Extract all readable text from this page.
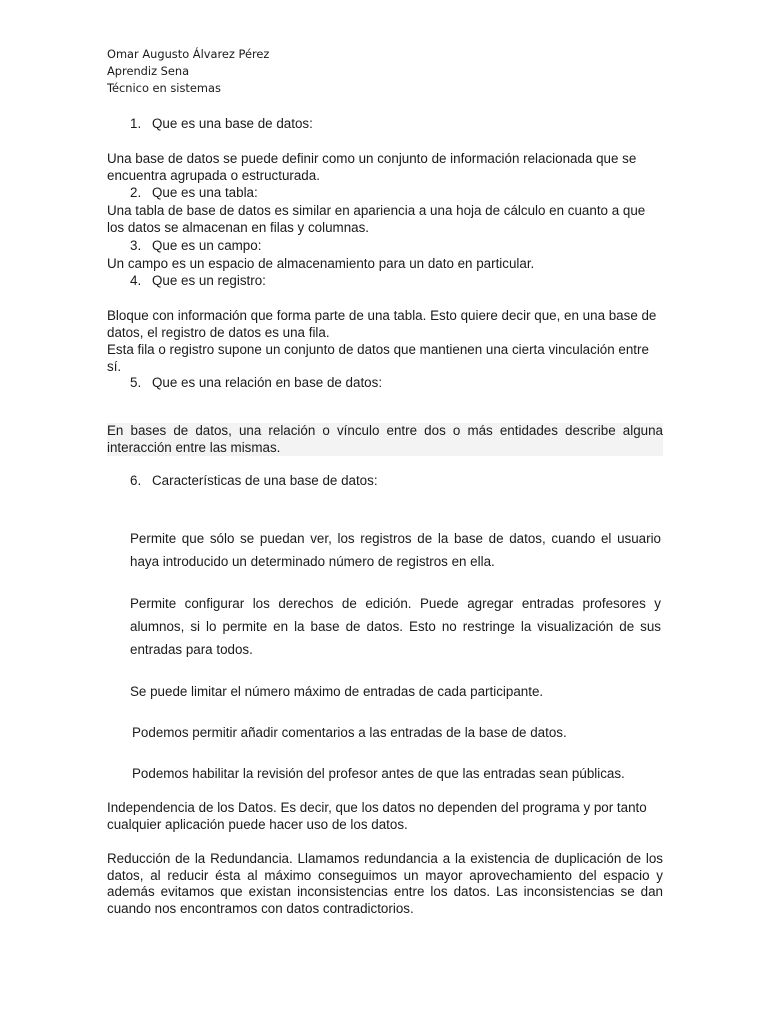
Omar Augusto Álvarez Pérez
Aprendiz Sena
Técnico en sistemas
1. Que es una base de datos:
Una base de datos se puede definir como un conjunto de información relacionada que se encuentra agrupada o estructurada.
2. Que es una tabla:
Una tabla de base de datos es similar en apariencia a una hoja de cálculo en cuanto a que los datos se almacenan en filas y columnas.
3. Que es un campo:
Un campo es un espacio de almacenamiento para un dato en particular.
4. Que es un registro:
Bloque con información que forma parte de una tabla. Esto quiere decir que, en una base de datos, el registro de datos es una fila.
Esta fila o registro supone un conjunto de datos que mantienen una cierta vinculación entre sí.
5. Que es una relación en base de datos:
En bases de datos, una relación o vínculo entre dos o más entidades describe alguna interacción entre las mismas.
6. Características de una base de datos:
Permite que sólo se puedan ver, los registros de la base de datos, cuando el usuario haya introducido un determinado número de registros en ella.
Permite configurar los derechos de edición. Puede agregar entradas profesores y alumnos, si lo permite en la base de datos. Esto no restringe la visualización de sus entradas para todos.
Se puede limitar el número máximo de entradas de cada participante.
Podemos permitir añadir comentarios a las entradas de la base de datos.
Podemos habilitar la revisión del profesor antes de que las entradas sean públicas.
Independencia de los Datos. Es decir, que los datos no dependen del programa y por tanto cualquier aplicación puede hacer uso de los datos.
Reducción de la Redundancia. Llamamos redundancia a la existencia de duplicación de los datos, al reducir ésta al máximo conseguimos un mayor aprovechamiento del espacio y además evitamos que existan inconsistencias entre los datos. Las inconsistencias se dan cuando nos encontramos con datos contradictorios.
